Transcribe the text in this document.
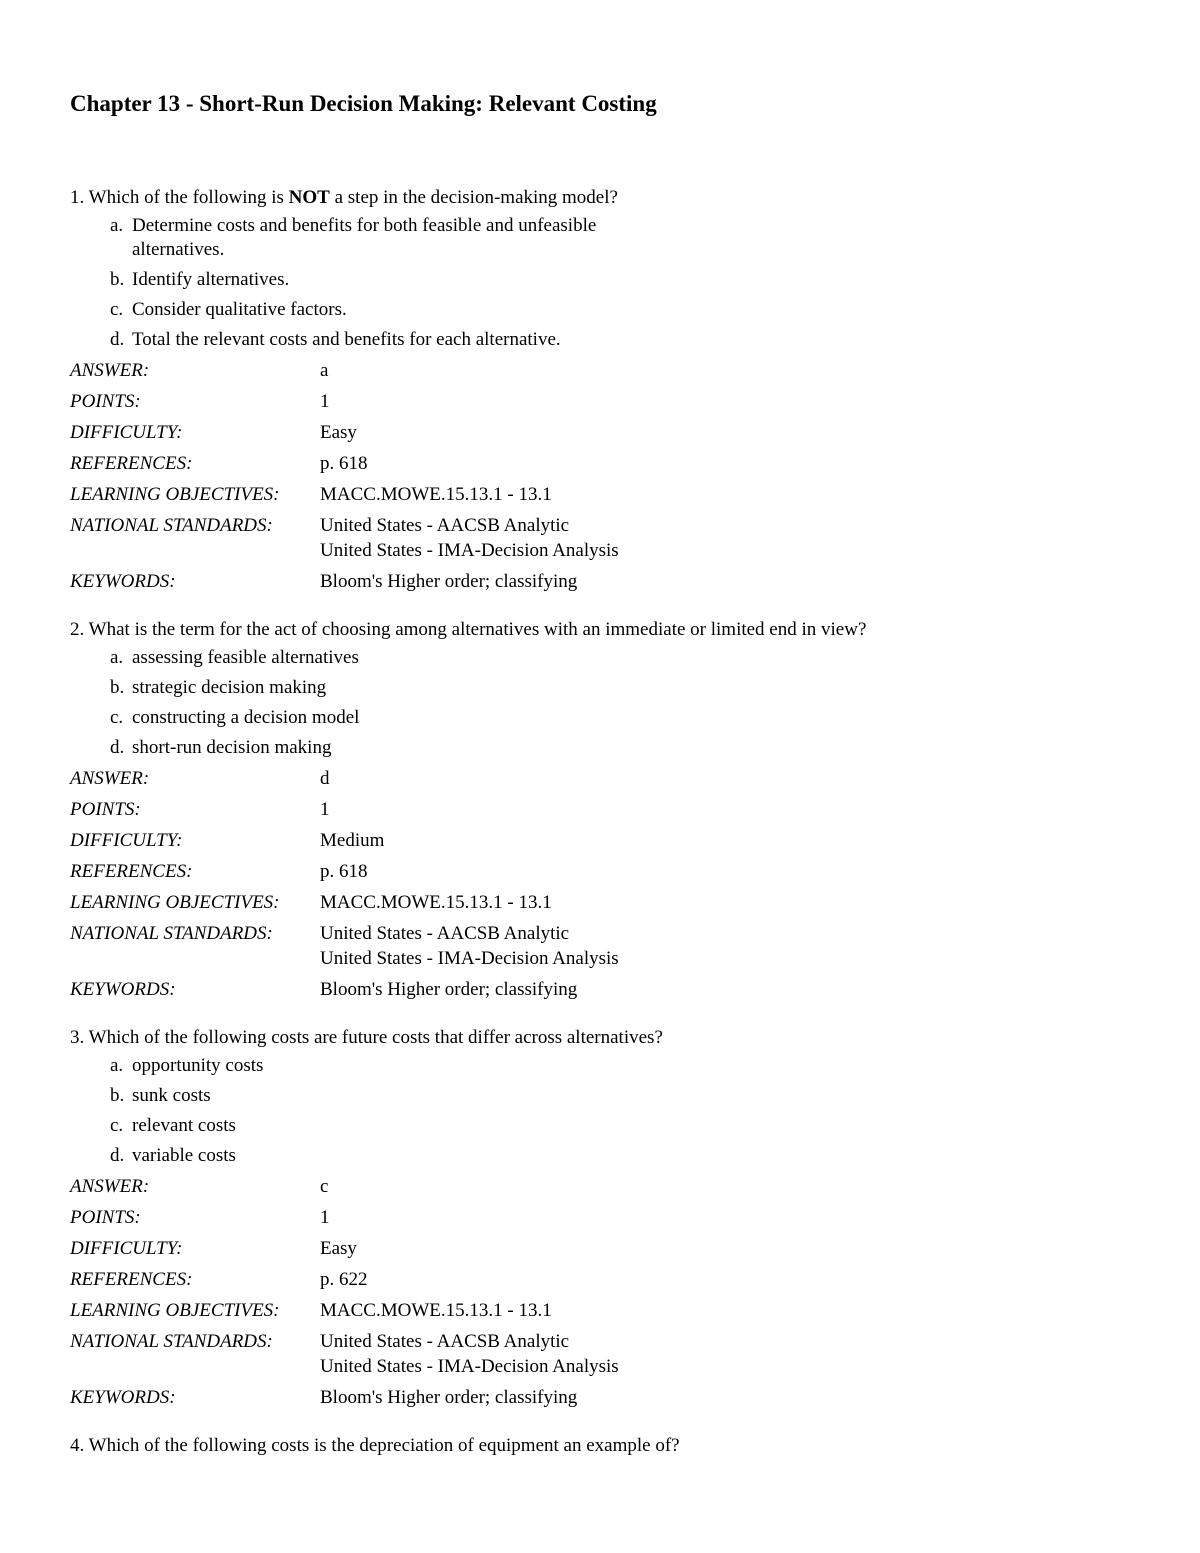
Chapter 13 - Short-Run Decision Making: Relevant Costing
1. Which of the following is NOT a step in the decision-making model?
a. Determine costs and benefits for both feasible and unfeasible alternatives.
b. Identify alternatives.
c. Consider qualitative factors.
d. Total the relevant costs and benefits for each alternative.
ANSWER:	a
POINTS:	1
DIFFICULTY:	Easy
REFERENCES:	p. 618
LEARNING OBJECTIVES:	MACC.MOWE.15.13.1 - 13.1
NATIONAL STANDARDS:	United States - AACSB Analytic
United States - IMA-Decision Analysis
KEYWORDS:	Bloom's Higher order; classifying
2. What is the term for the act of choosing among alternatives with an immediate or limited end in view?
a. assessing feasible alternatives
b. strategic decision making
c. constructing a decision model
d. short-run decision making
ANSWER:	d
POINTS:	1
DIFFICULTY:	Medium
REFERENCES:	p. 618
LEARNING OBJECTIVES:	MACC.MOWE.15.13.1 - 13.1
NATIONAL STANDARDS:	United States - AACSB Analytic
United States - IMA-Decision Analysis
KEYWORDS:	Bloom's Higher order; classifying
3. Which of the following costs are future costs that differ across alternatives?
a. opportunity costs
b. sunk costs
c. relevant costs
d. variable costs
ANSWER:	c
POINTS:	1
DIFFICULTY:	Easy
REFERENCES:	p. 622
LEARNING OBJECTIVES:	MACC.MOWE.15.13.1 - 13.1
NATIONAL STANDARDS:	United States - AACSB Analytic
United States - IMA-Decision Analysis
KEYWORDS:	Bloom's Higher order; classifying
4. Which of the following costs is the depreciation of equipment an example of?
